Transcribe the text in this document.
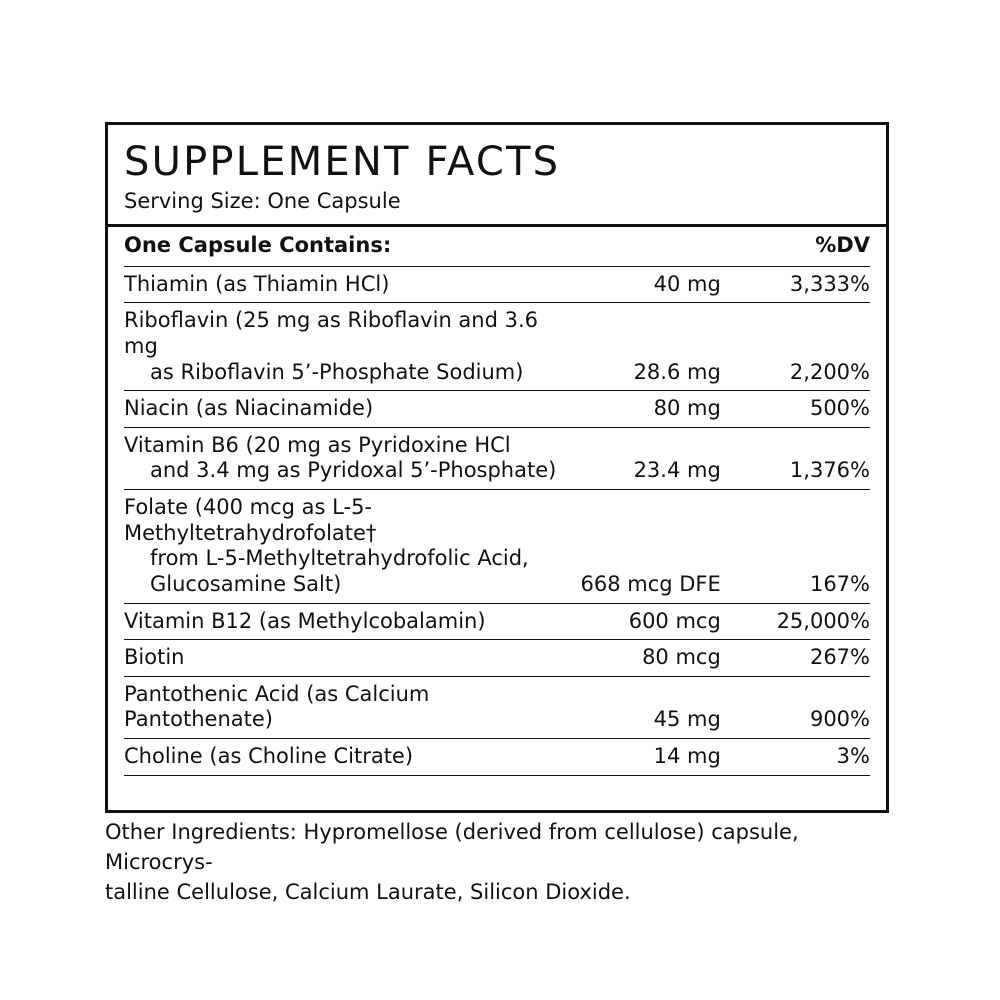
SUPPLEMENT FACTS
Serving Size: One Capsule
One Capsule Contains:		%DV
Thiamin (as Thiamin HCl)	40 mg	3,333%
Riboflavin (25 mg as Riboflavin and 3.6 mg
as Riboflavin 5’-Phosphate Sodium)	28.6 mg	2,200%
Niacin (as Niacinamide)	80 mg	500%
Vitamin B6 (20 mg as Pyridoxine HCl
and 3.4 mg as Pyridoxal 5’-Phosphate)	23.4 mg	1,376%
Folate (400 mcg as L-5-Methyltetrahydrofolate†
from L-5-Methyltetrahydrofolic Acid,
Glucosamine Salt)	668 mcg DFE	167%
Vitamin B12 (as Methylcobalamin)	600 mcg	25,000%
Biotin	80 mcg	267%
Pantothenic Acid (as Calcium Pantothenate)	45 mg	900%
Choline (as Choline Citrate)	14 mg	3%
Other Ingredients: Hypromellose (derived from cellulose) capsule, Microcrys-
talline Cellulose, Calcium Laurate, Silicon Dioxide.
